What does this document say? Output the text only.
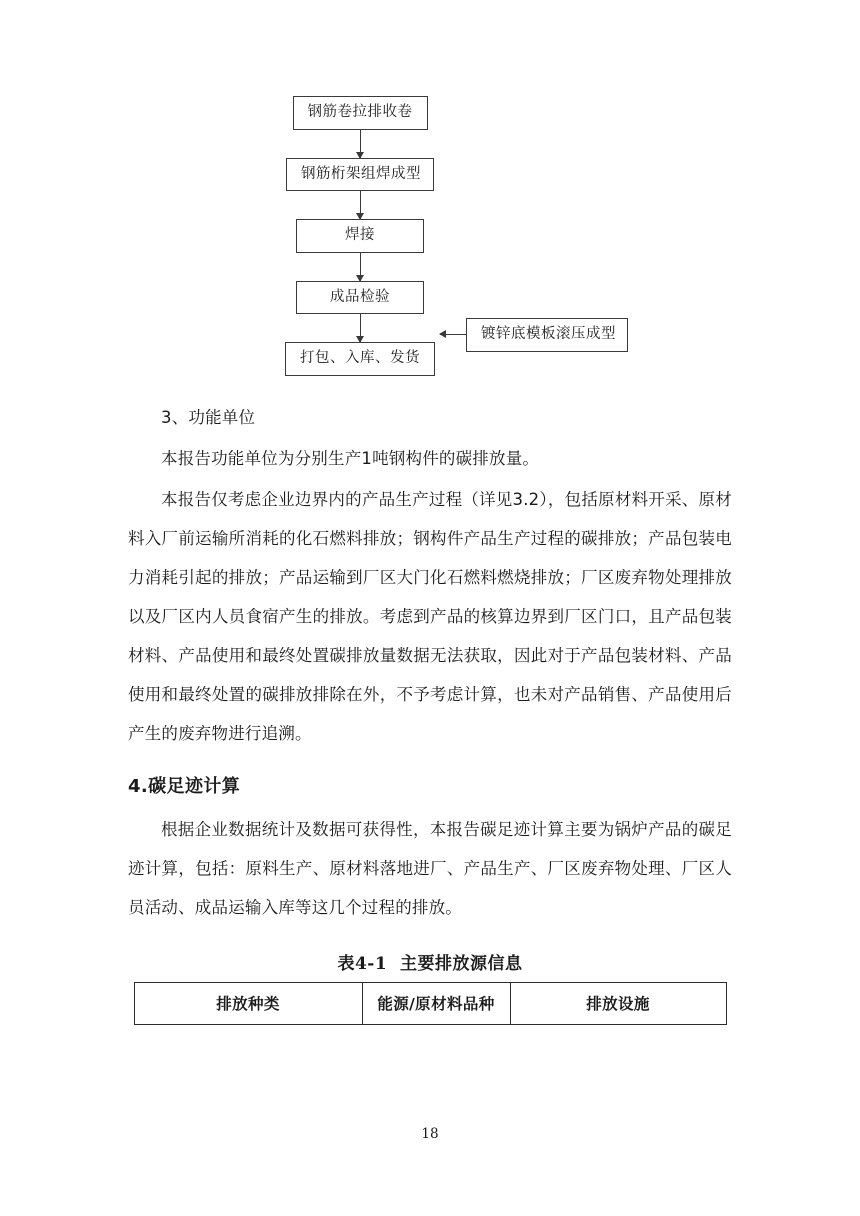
钢筋卷拉排收卷
钢筋桁架组焊成型
焊接
成品检验
打包、入库、发货
镀锌底模板滚压成型

3、功能单位

本报告功能单位为分别生产1吨钢构件的碳排放量。

本报告仅考虑企业边界内的产品生产过程（详见3.2），包括原材料开采、原材料入厂前运输所消耗的化石燃料排放；钢构件产品生产过程的碳排放；产品包装电力消耗引起的排放；产品运输到厂区大门化石燃料燃烧排放；厂区废弃物处理排放以及厂区内人员食宿产生的排放。考虑到产品的核算边界到厂区门口，且产品包装材料、产品使用和最终处置碳排放量数据无法获取，因此对于产品包装材料、产品使用和最终处置的碳排放排除在外，不予考虑计算，也未对产品销售、产品使用后产生的废弃物进行追溯。

4.碳足迹计算

根据企业数据统计及数据可获得性，本报告碳足迹计算主要为锅炉产品的碳足迹计算，包括：原料生产、原材料落地进厂、产品生产、厂区废弃物处理、厂区人员活动、成品运输入库等这几个过程的排放。

表4-1 主要排放源信息
排放种类	能源/原材料品种	排放设施
18
